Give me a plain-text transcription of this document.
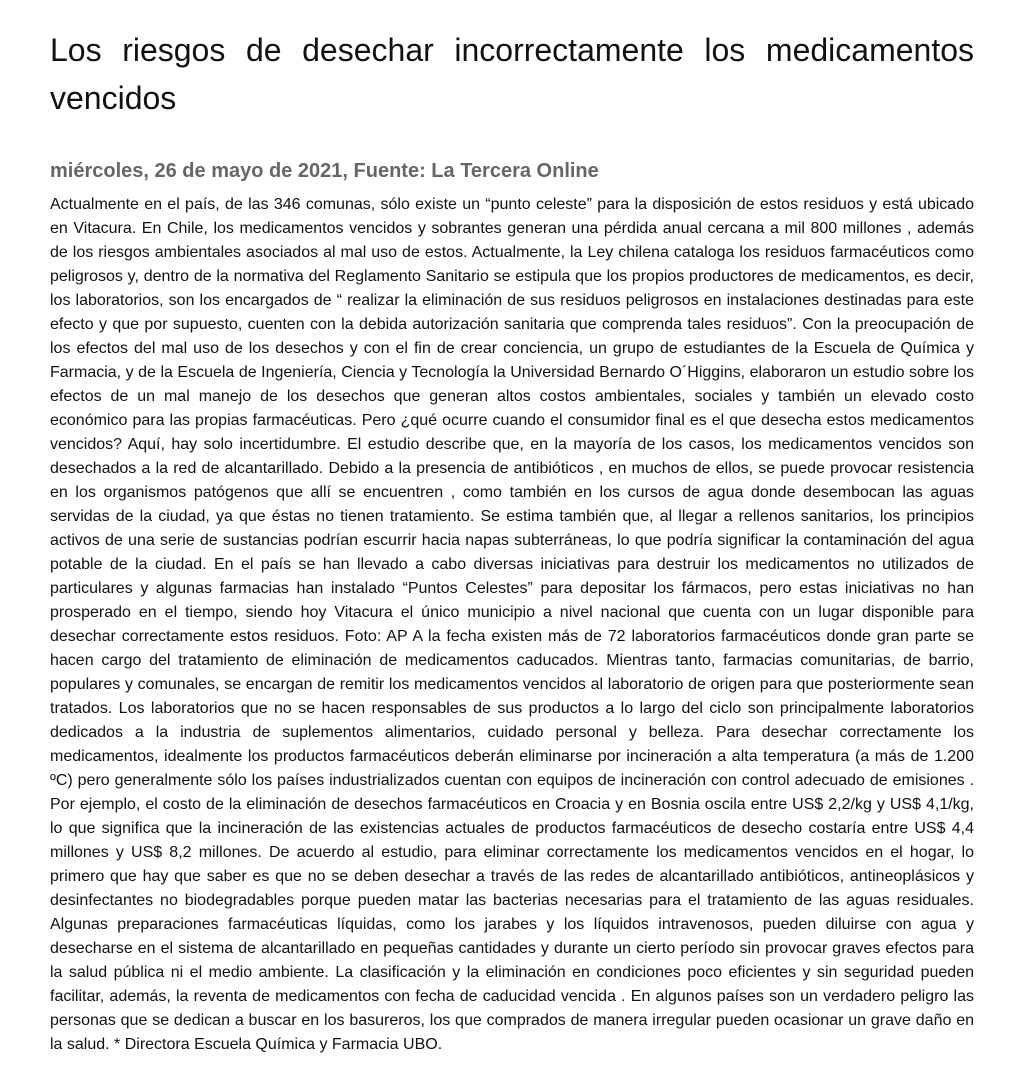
Los riesgos de desechar incorrectamente los medicamentos vencidos
miércoles, 26 de mayo de 2021, Fuente: La Tercera Online

Actualmente en el país, de las 346 comunas, sólo existe un “punto celeste” para la disposición de estos residuos y está ubicado en Vitacura. En Chile, los medicamentos vencidos y sobrantes generan una pérdida anual cercana a mil 800 millones , además de los riesgos ambientales asociados al mal uso de estos. Actualmente, la Ley chilena cataloga los residuos farmacéuticos como peligrosos y, dentro de la normativa del Reglamento Sanitario se estipula que los propios productores de medicamentos, es decir, los laboratorios, son los encargados de “ realizar la eliminación de sus residuos peligrosos en instalaciones destinadas para este efecto y que por supuesto, cuenten con la debida autorización sanitaria que comprenda tales residuos”. Con la preocupación de los efectos del mal uso de los desechos y con el fin de crear conciencia, un grupo de estudiantes de la Escuela de Química y Farmacia, y de la Escuela de Ingeniería, Ciencia y Tecnología la Universidad Bernardo O´Higgins, elaboraron un estudio sobre los efectos de un mal manejo de los desechos que generan altos costos ambientales, sociales y también un elevado costo económico para las propias farmacéuticas. Pero ¿qué ocurre cuando el consumidor final es el que desecha estos medicamentos vencidos? Aquí, hay solo incertidumbre. El estudio describe que, en la mayoría de los casos, los medicamentos vencidos son desechados a la red de alcantarillado. Debido a la presencia de antibióticos , en muchos de ellos, se puede provocar resistencia en los organismos patógenos que allí se encuentren , como también en los cursos de agua donde desembocan las aguas servidas de la ciudad, ya que éstas no tienen tratamiento. Se estima también que, al llegar a rellenos sanitarios, los principios activos de una serie de sustancias podrían escurrir hacia napas subterráneas, lo que podría significar la contaminación del agua potable de la ciudad. En el país se han llevado a cabo diversas iniciativas para destruir los medicamentos no utilizados de particulares y algunas farmacias han instalado “Puntos Celestes” para depositar los fármacos, pero estas iniciativas no han prosperado en el tiempo, siendo hoy Vitacura el único municipio a nivel nacional que cuenta con un lugar disponible para desechar correctamente estos residuos. Foto: AP A la fecha existen más de 72 laboratorios farmacéuticos donde gran parte se hacen cargo del tratamiento de eliminación de medicamentos caducados. Mientras tanto, farmacias comunitarias, de barrio, populares y comunales, se encargan de remitir los medicamentos vencidos al laboratorio de origen para que posteriormente sean tratados. Los laboratorios que no se hacen responsables de sus productos a lo largo del ciclo son principalmente laboratorios dedicados a la industria de suplementos alimentarios, cuidado personal y belleza. Para desechar correctamente los medicamentos, idealmente los productos farmacéuticos deberán eliminarse por incineración a alta temperatura (a más de 1.200 ºC) pero generalmente sólo los países industrializados cuentan con equipos de incineración con control adecuado de emisiones . Por ejemplo, el costo de la eliminación de desechos farmacéuticos en Croacia y en Bosnia oscila entre US$ 2,2/kg y US$ 4,1/kg, lo que significa que la incineración de las existencias actuales de productos farmacéuticos de desecho costaría entre US$ 4,4 millones y US$ 8,2 millones. De acuerdo al estudio, para eliminar correctamente los medicamentos vencidos en el hogar, lo primero que hay que saber es que no se deben desechar a través de las redes de alcantarillado antibióticos, antineoplásicos y desinfectantes no biodegradables porque pueden matar las bacterias necesarias para el tratamiento de las aguas residuales. Algunas preparaciones farmacéuticas líquidas, como los jarabes y los líquidos intravenosos, pueden diluirse con agua y desecharse en el sistema de alcantarillado en pequeñas cantidades y durante un cierto período sin provocar graves efectos para la salud pública ni el medio ambiente. La clasificación y la eliminación en condiciones poco eficientes y sin seguridad pueden facilitar, además, la reventa de medicamentos con fecha de caducidad vencida . En algunos países son un verdadero peligro las personas que se dedican a buscar en los basureros, los que comprados de manera irregular pueden ocasionar un grave daño en la salud. * Directora Escuela Química y Farmacia UBO.
